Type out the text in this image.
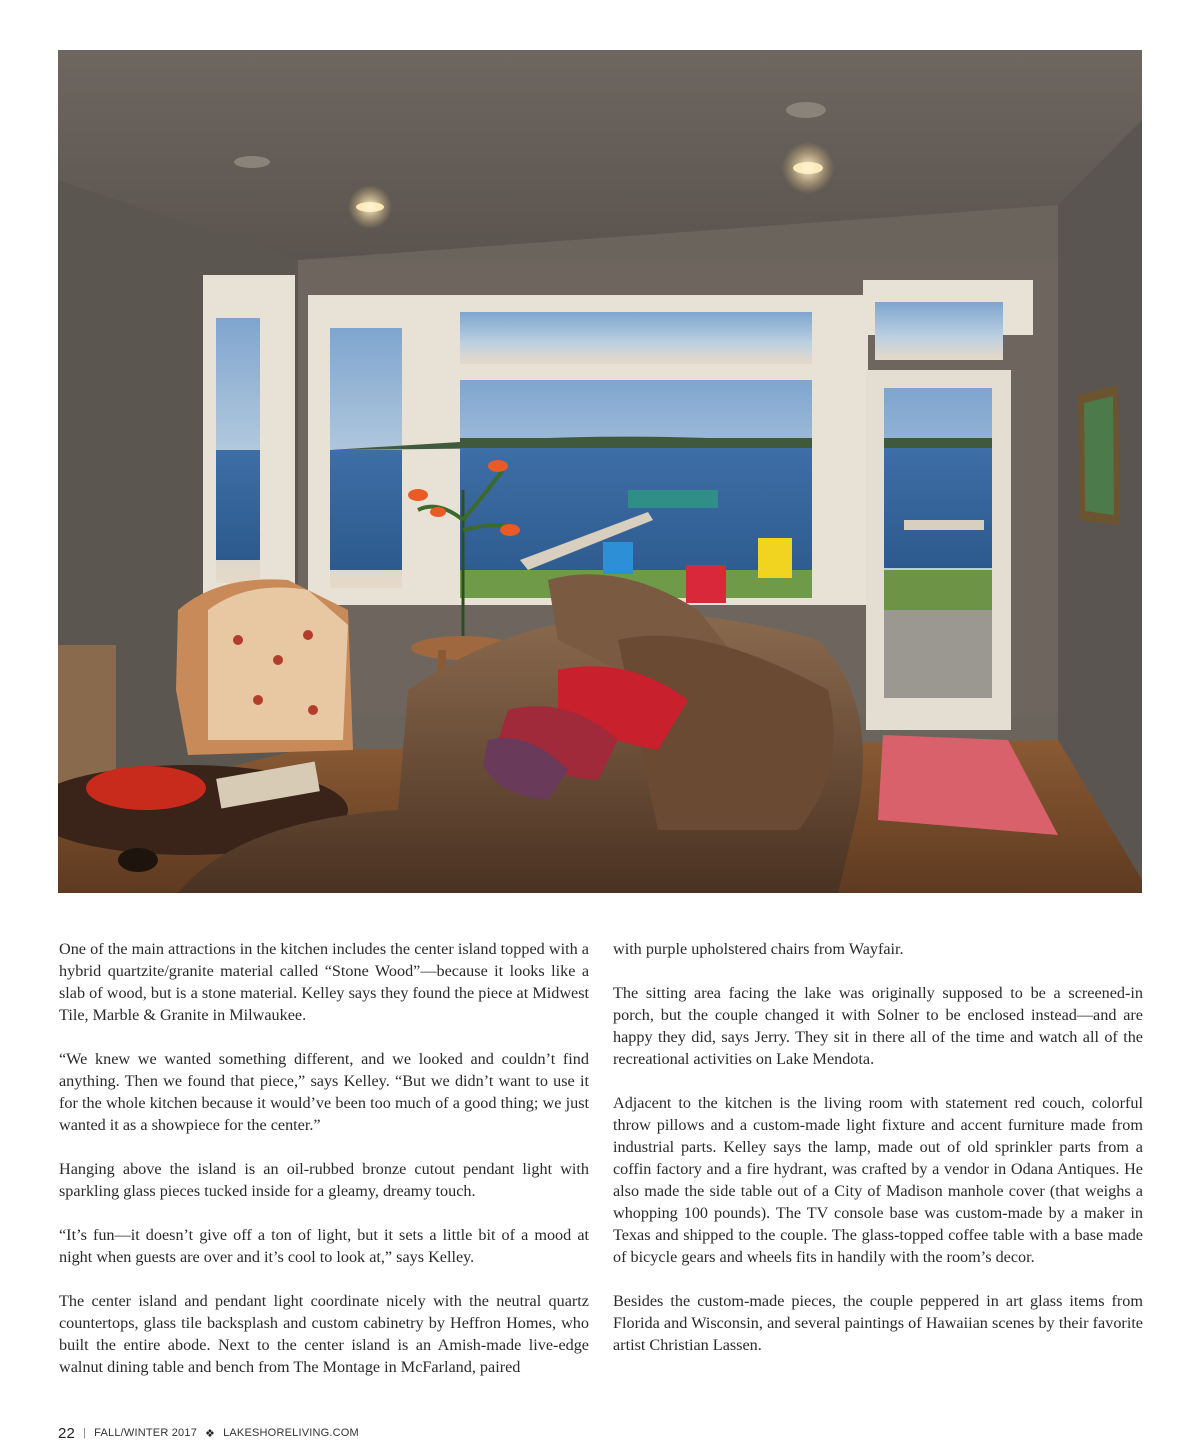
One of the main attractions in the kitchen includes the center island topped with a hybrid quartzite/granite material called “Stone Wood”—because it looks like a slab of wood, but is a stone material. Kelley says they found the piece at Midwest Tile, Marble & Granite in Milwaukee.

“We knew we wanted something different, and we looked and couldn’t find anything. Then we found that piece,” says Kelley. “But we didn’t want to use it for the whole kitchen because it would’ve been too much of a good thing; we just wanted it as a showpiece for the center.”

Hanging above the island is an oil-rubbed bronze cutout pendant light with sparkling glass pieces tucked inside for a gleamy, dreamy touch.

“It’s fun—it doesn’t give off a ton of light, but it sets a little bit of a mood at night when guests are over and it’s cool to look at,” says Kelley.

The center island and pendant light coordinate nicely with the neutral quartz countertops, glass tile backsplash and custom cabinetry by Heffron Homes, who built the entire abode. Next to the center island is an Amish-made live-edge walnut dining table and bench from The Montage in McFarland, paired

with purple upholstered chairs from Wayfair.

The sitting area facing the lake was originally supposed to be a screened-in porch, but the couple changed it with Solner to be enclosed instead—and are happy they did, says Jerry. They sit in there all of the time and watch all of the recreational activities on Lake Mendota.

Adjacent to the kitchen is the living room with statement red couch, colorful throw pillows and a custom-made light fixture and accent furniture made from industrial parts. Kelley says the lamp, made out of old sprinkler parts from a coffin factory and a fire hydrant, was crafted by a vendor in Odana Antiques. He also made the side table out of a City of Madison manhole cover (that weighs a whopping 100 pounds). The TV console base was custom-made by a maker in Texas and shipped to the couple. The glass-topped coffee table with a base made of bicycle gears and wheels fits in handily with the room’s decor.

Besides the custom-made pieces, the couple peppered in art glass items from Florida and Wisconsin, and several paintings of Hawaiian scenes by their favorite artist Christian Lassen.

22 | FALL/WINTER 2017 ❖ LAKESHORELIVING.COM
